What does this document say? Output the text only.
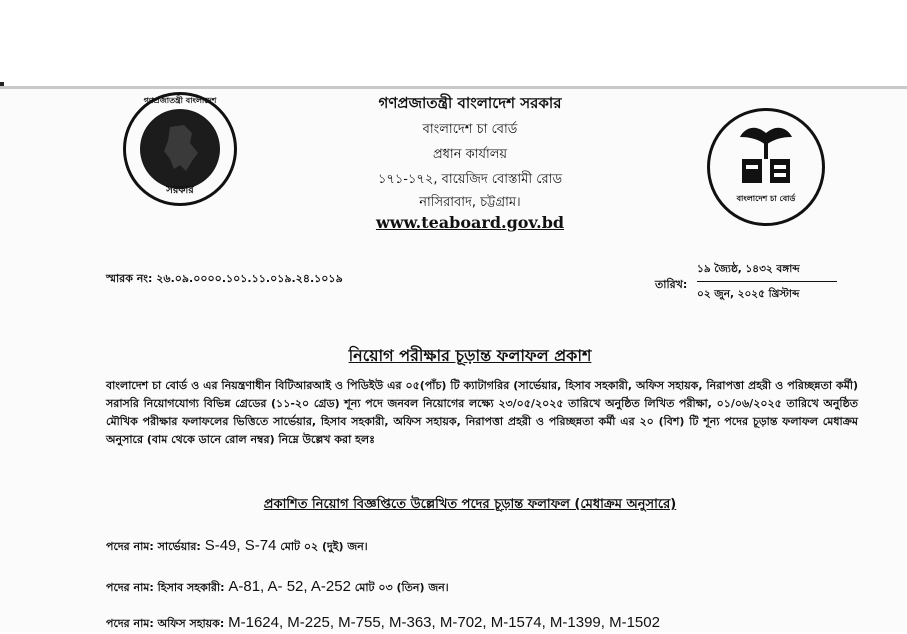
গণপ্রজাতন্ত্রী বাংলাদেশ
সরকার
বাংলাদেশ চা বোর্ড
গণপ্রজাতন্ত্রী বাংলাদেশ সরকার
বাংলাদেশ চা বোর্ড
প্রধান কার্যালয়
১৭১-১৭২, বায়েজিদ বোস্তামী রোড
নাসিরাবাদ, চট্টগ্রাম।
www.teaboard.gov.bd
স্মারক নং: ২৬.০৯.০০০০.১০১.১১.০১৯.২৪.১০১৯	তারিখ:
১৯ জ্যৈষ্ঠ, ১৪৩২ বঙ্গাব্দ
০২ জুন, ২০২৫ খ্রিস্টাব্দ
নিয়োগ পরীক্ষার চূড়ান্ত ফলাফল প্রকাশ
বাংলাদেশ চা বোর্ড ও এর নিয়ন্ত্রণাধীন বিটিআরআই ও পিডিইউ এর ০৫(পাঁচ) টি ক্যাটাগরির (সার্ভেয়ার, হিসাব সহকারী, অফিস সহায়ক, নিরাপত্তা প্রহরী ও পরিচ্ছন্নতা কর্মী) সরাসরি নিয়োগযোগ্য বিভিন্ন গ্রেডের (১১-২০ গ্রেড) শূন্য পদে জনবল নিয়োগের লক্ষ্যে ২৩/০৫/২০২৫ তারিখে অনুষ্ঠিত লিখিত পরীক্ষা, ০১/০৬/২০২৫ তারিখে অনুষ্ঠিত মৌখিক পরীক্ষার ফলাফলের ভিত্তিতে সার্ভেয়ার, হিসাব সহকারী, অফিস সহায়ক, নিরাপত্তা প্রহরী ও পরিচ্ছন্নতা কর্মী এর ২০ (বিশ) টি শূন্য পদের চূড়ান্ত ফলাফল মেধাক্রম অনুসারে (বাম থেকে ডানে রোল নম্বর) নিম্নে উল্লেখ করা হলঃ
প্রকাশিত নিয়োগ বিজ্ঞপ্তিতে উল্লেখিত পদের চূড়ান্ত ফলাফল (মেধাক্রম অনুসারে)
পদের নাম: সার্ভেয়ার: S-49, S-74 মোট ০২ (দুই) জন।
পদের নাম: হিসাব সহকারী: A-81, A- 52, A-252 মোট ০৩ (তিন) জন।
পদের নাম: অফিস সহায়ক: M-1624, M-225, M-755, M-363, M-702, M-1574, M-1399, M-1502
